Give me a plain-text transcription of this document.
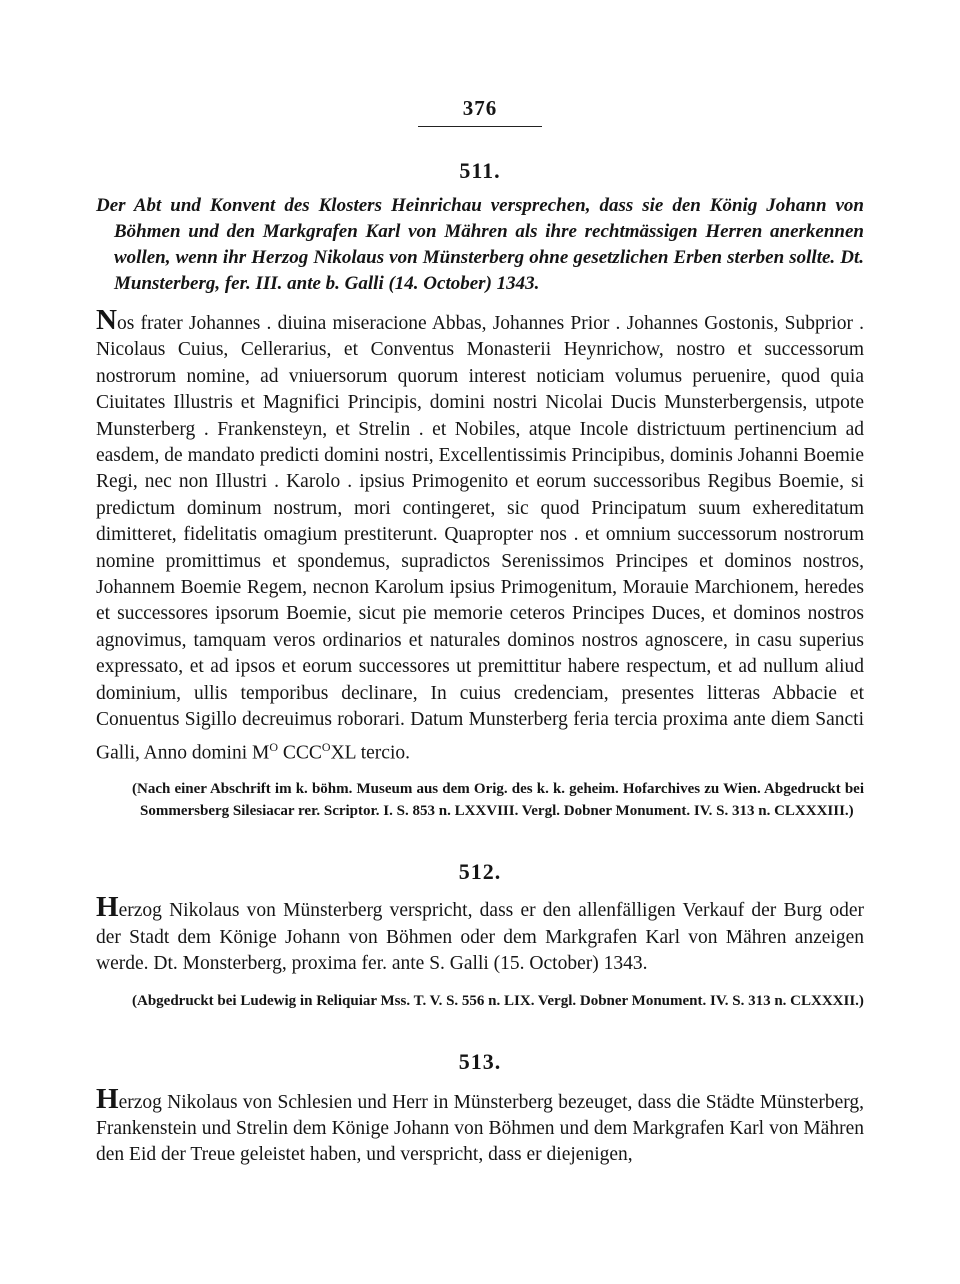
376
511.

Der Abt und Konvent des Klosters Heinrichau versprechen, dass sie den König Johann von Böhmen und den Markgrafen Karl von Mähren als ihre rechtmässigen Herren anerkennen wollen, wenn ihr Herzog Nikolaus von Münsterberg ohne gesetzlichen Erben sterben sollte. Dt. Munsterberg, fer. III. ante b. Galli (14. October) 1343.

Nos frater Johannes . diuina miseracione Abbas, Johannes Prior . Johannes Gostonis, Subprior . Nicolaus Cuius, Cellerarius, et Conventus Monasterii Heynrichow, nostro et successorum nostrorum nomine, ad vniuersorum quorum interest noticiam volumus peruenire, quod quia Ciuitates Illustris et Magnifici Principis, domini nostri Nicolai Ducis Munsterbergensis, utpote Munsterberg . Frankensteyn, et Strelin . et Nobiles, atque Incole districtuum pertinencium ad easdem, de mandato predicti domini nostri, Excellentissimis Principibus, dominis Johanni Boemie Regi, nec non Illustri . Karolo . ipsius Primogenito et eorum successoribus Regibus Boemie, si predictum dominum nostrum, mori contingeret, sic quod Principatum suum exhereditatum dimitteret, fidelitatis omagium prestiterunt. Quapropter nos . et omnium successorum nostrorum nomine promittimus et spondemus, supradictos Serenissimos Principes et dominos nostros, Johannem Boemie Regem, necnon Karolum ipsius Primogenitum, Morauie Marchionem, heredes et successores ipsorum Boemie, sicut pie memorie ceteros Principes Duces, et dominos nostros agnovimus, tamquam veros ordinarios et naturales dominos nostros agnoscere, in casu superius expressato, et ad ipsos et eorum successores ut premittitur habere respectum, et ad nullum aliud dominium, ullis temporibus declinare, In cuius credenciam, presentes litteras Abbacie et Conuentus Sigillo decreuimus roborari. Datum Munsterberg feria tercia proxima ante diem Sancti Galli, Anno domini $M^O$ $CCC^OXL$ tercio.

(Nach einer Abschrift im k. böhm. Museum aus dem Orig. des k. k. geheim. Hofarchives zu Wien. Abgedruckt bei Sommersberg Silesiacar rer. Scriptor. I. S. 853 n. LXXVIII. Vergl. Dobner Monument. IV. S. 313 n. CLXXXIII.)

512.

Herzog Nikolaus von Münsterberg verspricht, dass er den allenfälligen Verkauf der Burg oder der Stadt dem Könige Johann von Böhmen oder dem Markgrafen Karl von Mähren anzeigen werde. Dt. Monsterberg, proxima fer. ante S. Galli (15. October) 1343.

(Abgedruckt bei Ludewig in Reliquiar Mss. T. V. S. 556 n. LIX. Vergl. Dobner Monument. IV. S. 313 n. CLXXXII.)

513.

Herzog Nikolaus von Schlesien und Herr in Münsterberg bezeuget, dass die Städte Münsterberg, Frankenstein und Strelin dem Könige Johann von Böhmen und dem Markgrafen Karl von Mähren den Eid der Treue geleistet haben, und verspricht, dass er diejenigen,
